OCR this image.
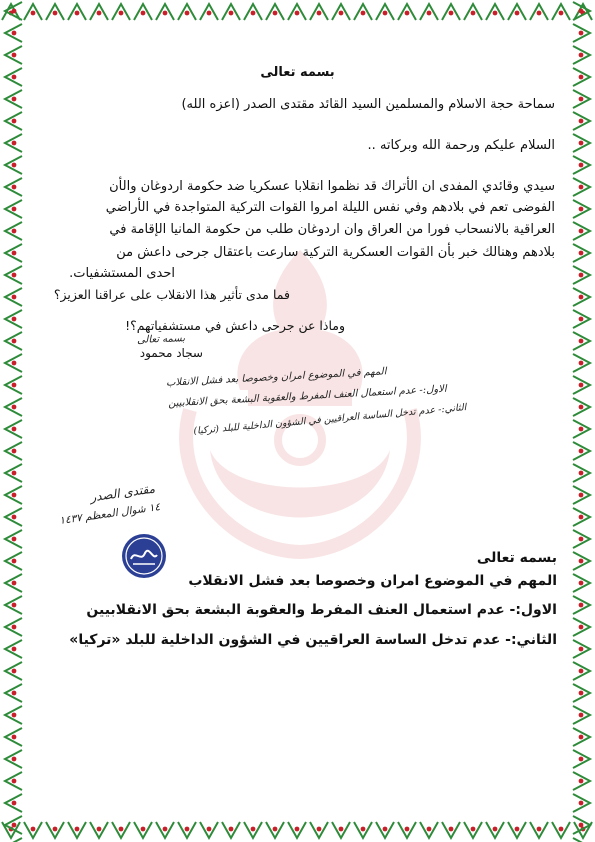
بسمه تعالى
سماحة حجة الاسلام والمسلمين السيد القائد مقتدى الصدر (اعزه الله)
السلام عليكم ورحمة الله وبركاته ..
سيدي وقائدي المفدى ان الأتراك قد نظموا انقلابا عسكريا ضد حكومة اردوغان والأن
الفوضى تعم في بلادهم وفي نفس الليلة امروا القوات التركية المتواجدة في الأراضي
العراقية بالانسحاب فورا من العراق وان اردوغان طلب من حكومة المانيا الإقامة في
بلادهم وهنالك خبر بأن القوات العسكرية التركية سارعت باعتقال جرحى داعش من
احدى المستشفيات.
فما مدى تأثير هذا الانقلاب على عراقنا العزيز؟
وماذا عن جرحى داعش في مستشفياتهم؟!
سجاد محمود
بسمه تعالى
المهم في الموضوع امران وخصوصا بعد فشل الانقلاب
الاول:- عدم استعمال العنف المفرط والعقوبة البشعة بحق الانقلابيين
الثاني:- عدم تدخل الساسة العراقيين في الشؤون الداخلية للبلد (تركيا)
مقتدى الصدر
١٤ شوال المعظم ١٤٣٧
بسمه تعالى
المهم في الموضوع امران وخصوصا بعد فشل الانقلاب
الاول:- عدم استعمال العنف المفرط والعقوبة البشعة بحق الانقلابيين
الثاني:- عدم تدخل الساسة العراقيين في الشؤون الداخلية للبلد «تركيا»
